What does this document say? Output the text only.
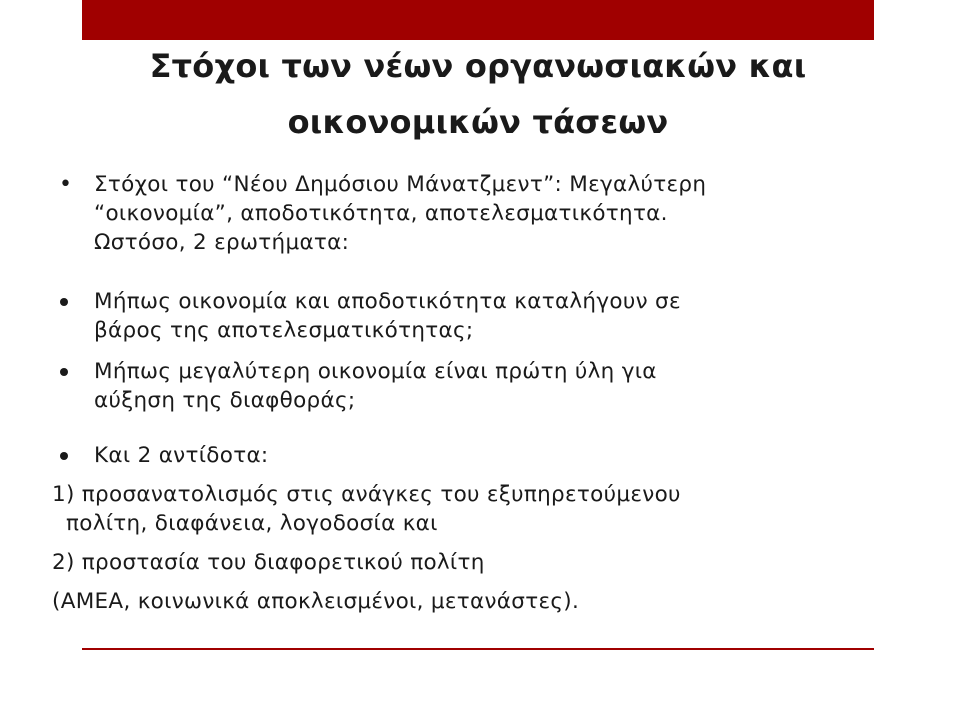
Στόχοι των νέων οργανωσιακών και
οικονομικών τάσεων
• Στόχοι του “Νέου Δημόσιου Μάνατζμεντ”: Μεγαλύτερη
“οικονομία”, αποδοτικότητα, αποτελεσματικότητα.
Ωστόσο, 2 ερωτήματα:
Μήπως οικονομία και αποδοτικότητα καταλήγουν σε
βάρος της αποτελεσματικότητας;
Μήπως μεγαλύτερη οικονομία είναι πρώτη ύλη για
αύξηση της διαφθοράς;
Και 2 αντίδοτα:
1) προσανατολισμός στις ανάγκες του εξυπηρετούμενου
πολίτη, διαφάνεια, λογοδοσία και
2) προστασία του διαφορετικού πολίτη
(ΑΜΕΑ, κοινωνικά αποκλεισμένοι, μετανάστες).
